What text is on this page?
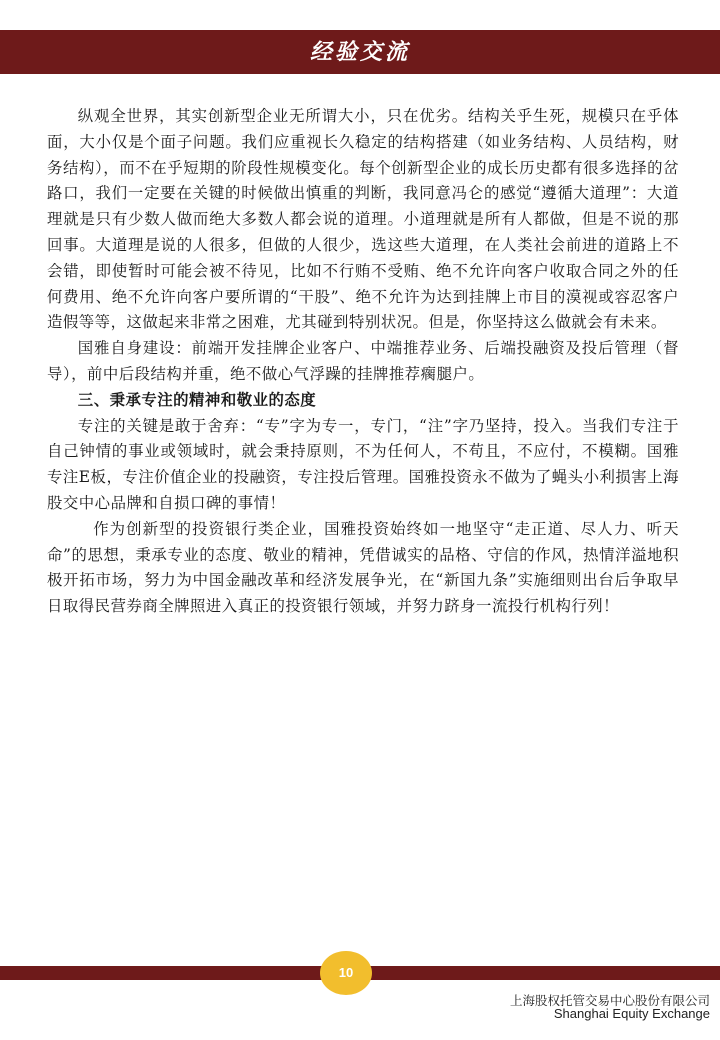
经验交流

纵观全世界，其实创新型企业无所谓大小，只在优劣。结构关乎生死，规模只在乎体面，大小仅是个面子问题。我们应重视长久稳定的结构搭建（如业务结构、人员结构，财务结构），而不在乎短期的阶段性规模变化。每个创新型企业的成长历史都有很多选择的岔路口，我们一定要在关键的时候做出慎重的判断，我同意冯仑的感觉“遵循大道理”：大道理就是只有少数人做而绝大多数人都会说的道理。小道理就是所有人都做，但是不说的那回事。大道理是说的人很多，但做的人很少，选这些大道理，在人类社会前进的道路上不会错，即使暂时可能会被不待见，比如不行贿不受贿、绝不允许向客户收取合同之外的任何费用、绝不允许向客户要所谓的“干股”、绝不允许为达到挂牌上市目的漠视或容忍客户造假等等，这做起来非常之困难，尤其碰到特别状况。但是，你坚持这么做就会有未来。

国雅自身建设：前端开发挂牌企业客户、中端推荐业务、后端投融资及投后管理（督导），前中后段结构并重，绝不做心气浮躁的挂牌推荐瘸腿户。

三、秉承专注的精神和敬业的态度

专注的关键是敢于舍弃：“专”字为专一，专门，“注”字乃坚持，投入。当我们专注于自己钟情的事业或领域时，就会秉持原则，不为任何人，不苟且，不应付，不模糊。国雅专注E板，专注价值企业的投融资，专注投后管理。国雅投资永不做为了蝇头小利损害上海股交中心品牌和自损口碑的事情！

作为创新型的投资银行类企业，国雅投资始终如一地坚守“走正道、尽人力、听天命”的思想，秉承专业的态度、敬业的精神，凭借诚实的品格、守信的作风，热情洋溢地积极开拓市场，努力为中国金融改革和经济发展争光，在“新国九条”实施细则出台后争取早日取得民营券商全牌照进入真正的投资银行领域，并努力跻身一流投行机构行列！

10
上海股权托管交易中心股份有限公司
Shanghai Equity Exchange
